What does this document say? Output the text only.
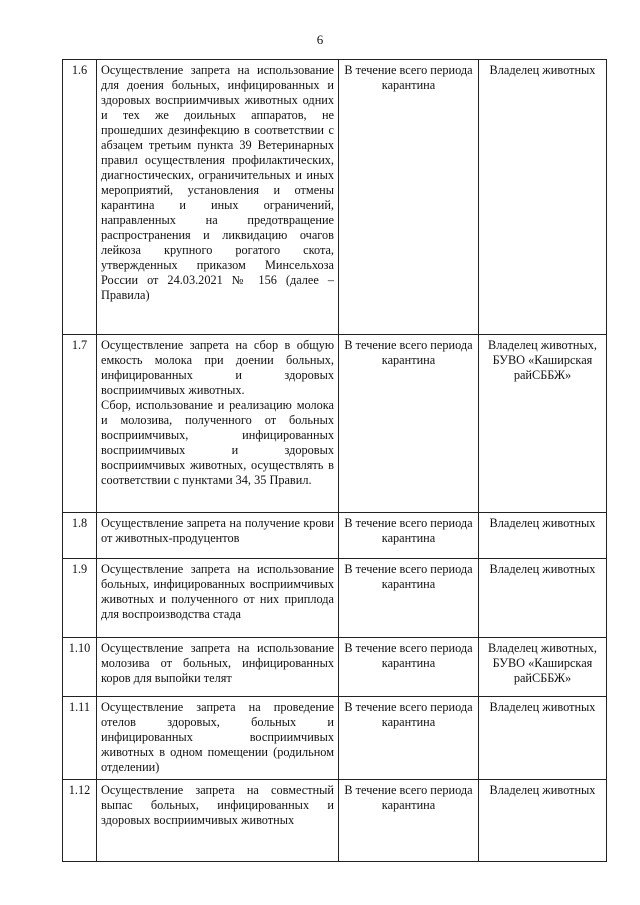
6
1.6	Осуществление запрета на использование для доения больных, инфицированных и здоровых восприимчивых животных одних и тех же доильных аппаратов, не прошедших дезинфекцию в соответствии с абзацем третьим пункта 39 Ветеринарных правил осуществления профилактических, диагностических, ограничительных и иных мероприятий, установления и отмены карантина и иных ограничений, направленных на предотвращение распространения и ликвидацию очагов лейкоза крупного рогатого скота, утвержденных приказом Минсельхоза России от 24.03.2021 № 156 (далее – Правила)	В течение всего периода карантина	Владелец животных
1.7	Осуществление запрета на сбор в общую емкость молока при доении больных, инфицированных и здоровых восприимчивых животных.
Сбор, использование и реализацию молока и молозива, полученного от больных восприимчивых, инфицированных восприимчивых и здоровых восприимчивых животных, осуществлять в соответствии с пунктами 34, 35 Правил.	В течение всего периода карантина	Владелец животных, БУВО «Каширская райСББЖ»
1.8	Осуществление запрета на получение крови от животных-продуцентов	В течение всего периода карантина	Владелец животных
1.9	Осуществление запрета на использование больных, инфицированных восприимчивых животных и полученного от них приплода для воспроизводства стада	В течение всего периода карантина	Владелец животных
1.10	Осуществление запрета на использование молозива от больных, инфицированных коров для выпойки телят	В течение всего периода карантина	Владелец животных, БУВО «Каширская райСББЖ»
1.11	Осуществление запрета на проведение отелов здоровых, больных и инфицированных восприимчивых животных в одном помещении (родильном отделении)	В течение всего периода карантина	Владелец животных
1.12	Осуществление запрета на совместный выпас больных, инфицированных и здоровых восприимчивых животных	В течение всего периода карантина	Владелец животных
